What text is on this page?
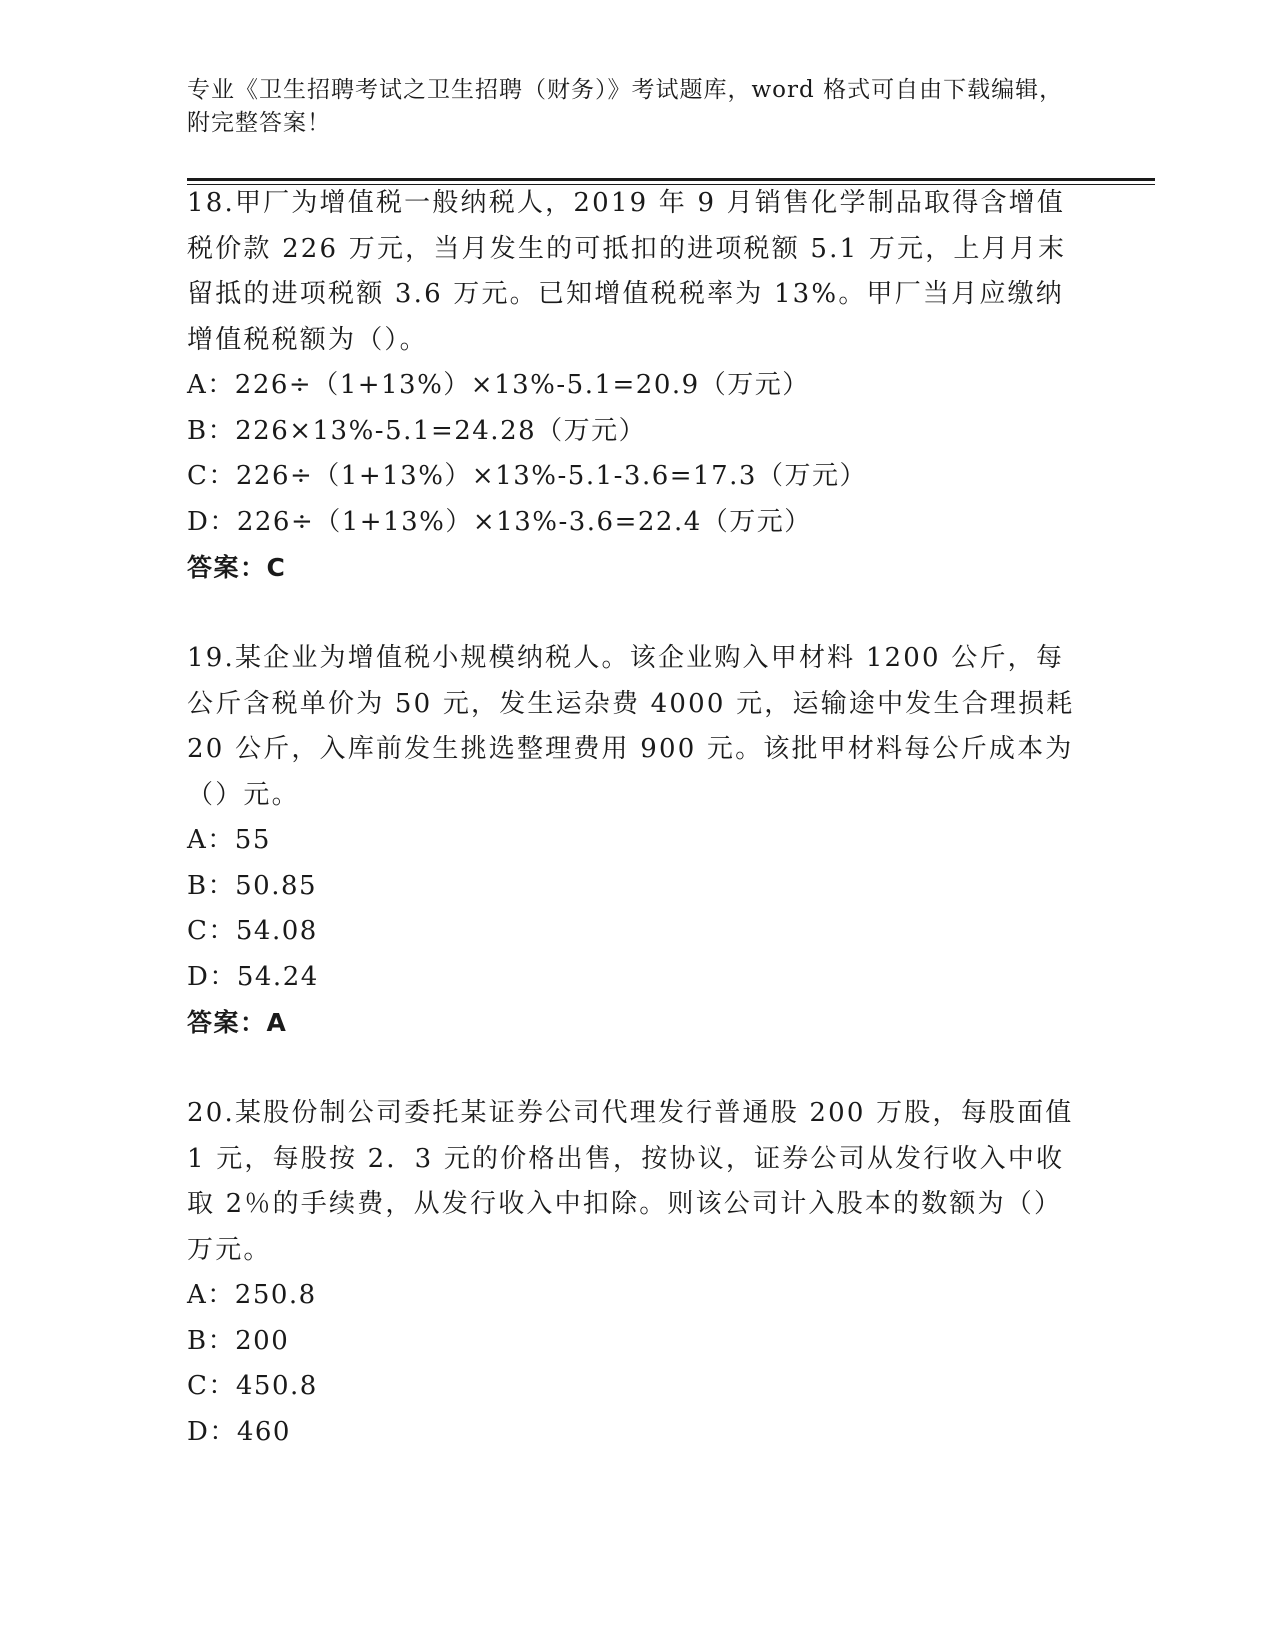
专业《卫生招聘考试之卫生招聘（财务）》考试题库，word 格式可自由下载编辑，附完整答案！

18.甲厂为增值税一般纳税人，2019 年 9 月销售化学制品取得含增值税价款 226 万元，当月发生的可抵扣的进项税额 5.1 万元，上月月末留抵的进项税额 3.6 万元。已知增值税税率为 13%。甲厂当月应缴纳增值税税额为（）。

A：226÷（1+13%）×13%-5.1=20.9（万元）

B：226×13%-5.1=24.28（万元）

C：226÷（1+13%）×13%-5.1-3.6=17.3（万元）

D：226÷（1+13%）×13%-3.6=22.4（万元）

答案：C

19.某企业为增值税小规模纳税人。该企业购入甲材料 1200 公斤，每公斤含税单价为 50 元，发生运杂费 4000 元，运输途中发生合理损耗 20 公斤，入库前发生挑选整理费用 900 元。该批甲材料每公斤成本为（）元。

A：55

B：50.85

C：54.08

D：54.24

答案：A

20.某股份制公司委托某证券公司代理发行普通股 200 万股，每股面值 1 元，每股按 2．3 元的价格出售，按协议，证券公司从发行收入中收取 2％的手续费，从发行收入中扣除。则该公司计入股本的数额为（）万元。

A：250.8

B：200

C：450.8

D：460
